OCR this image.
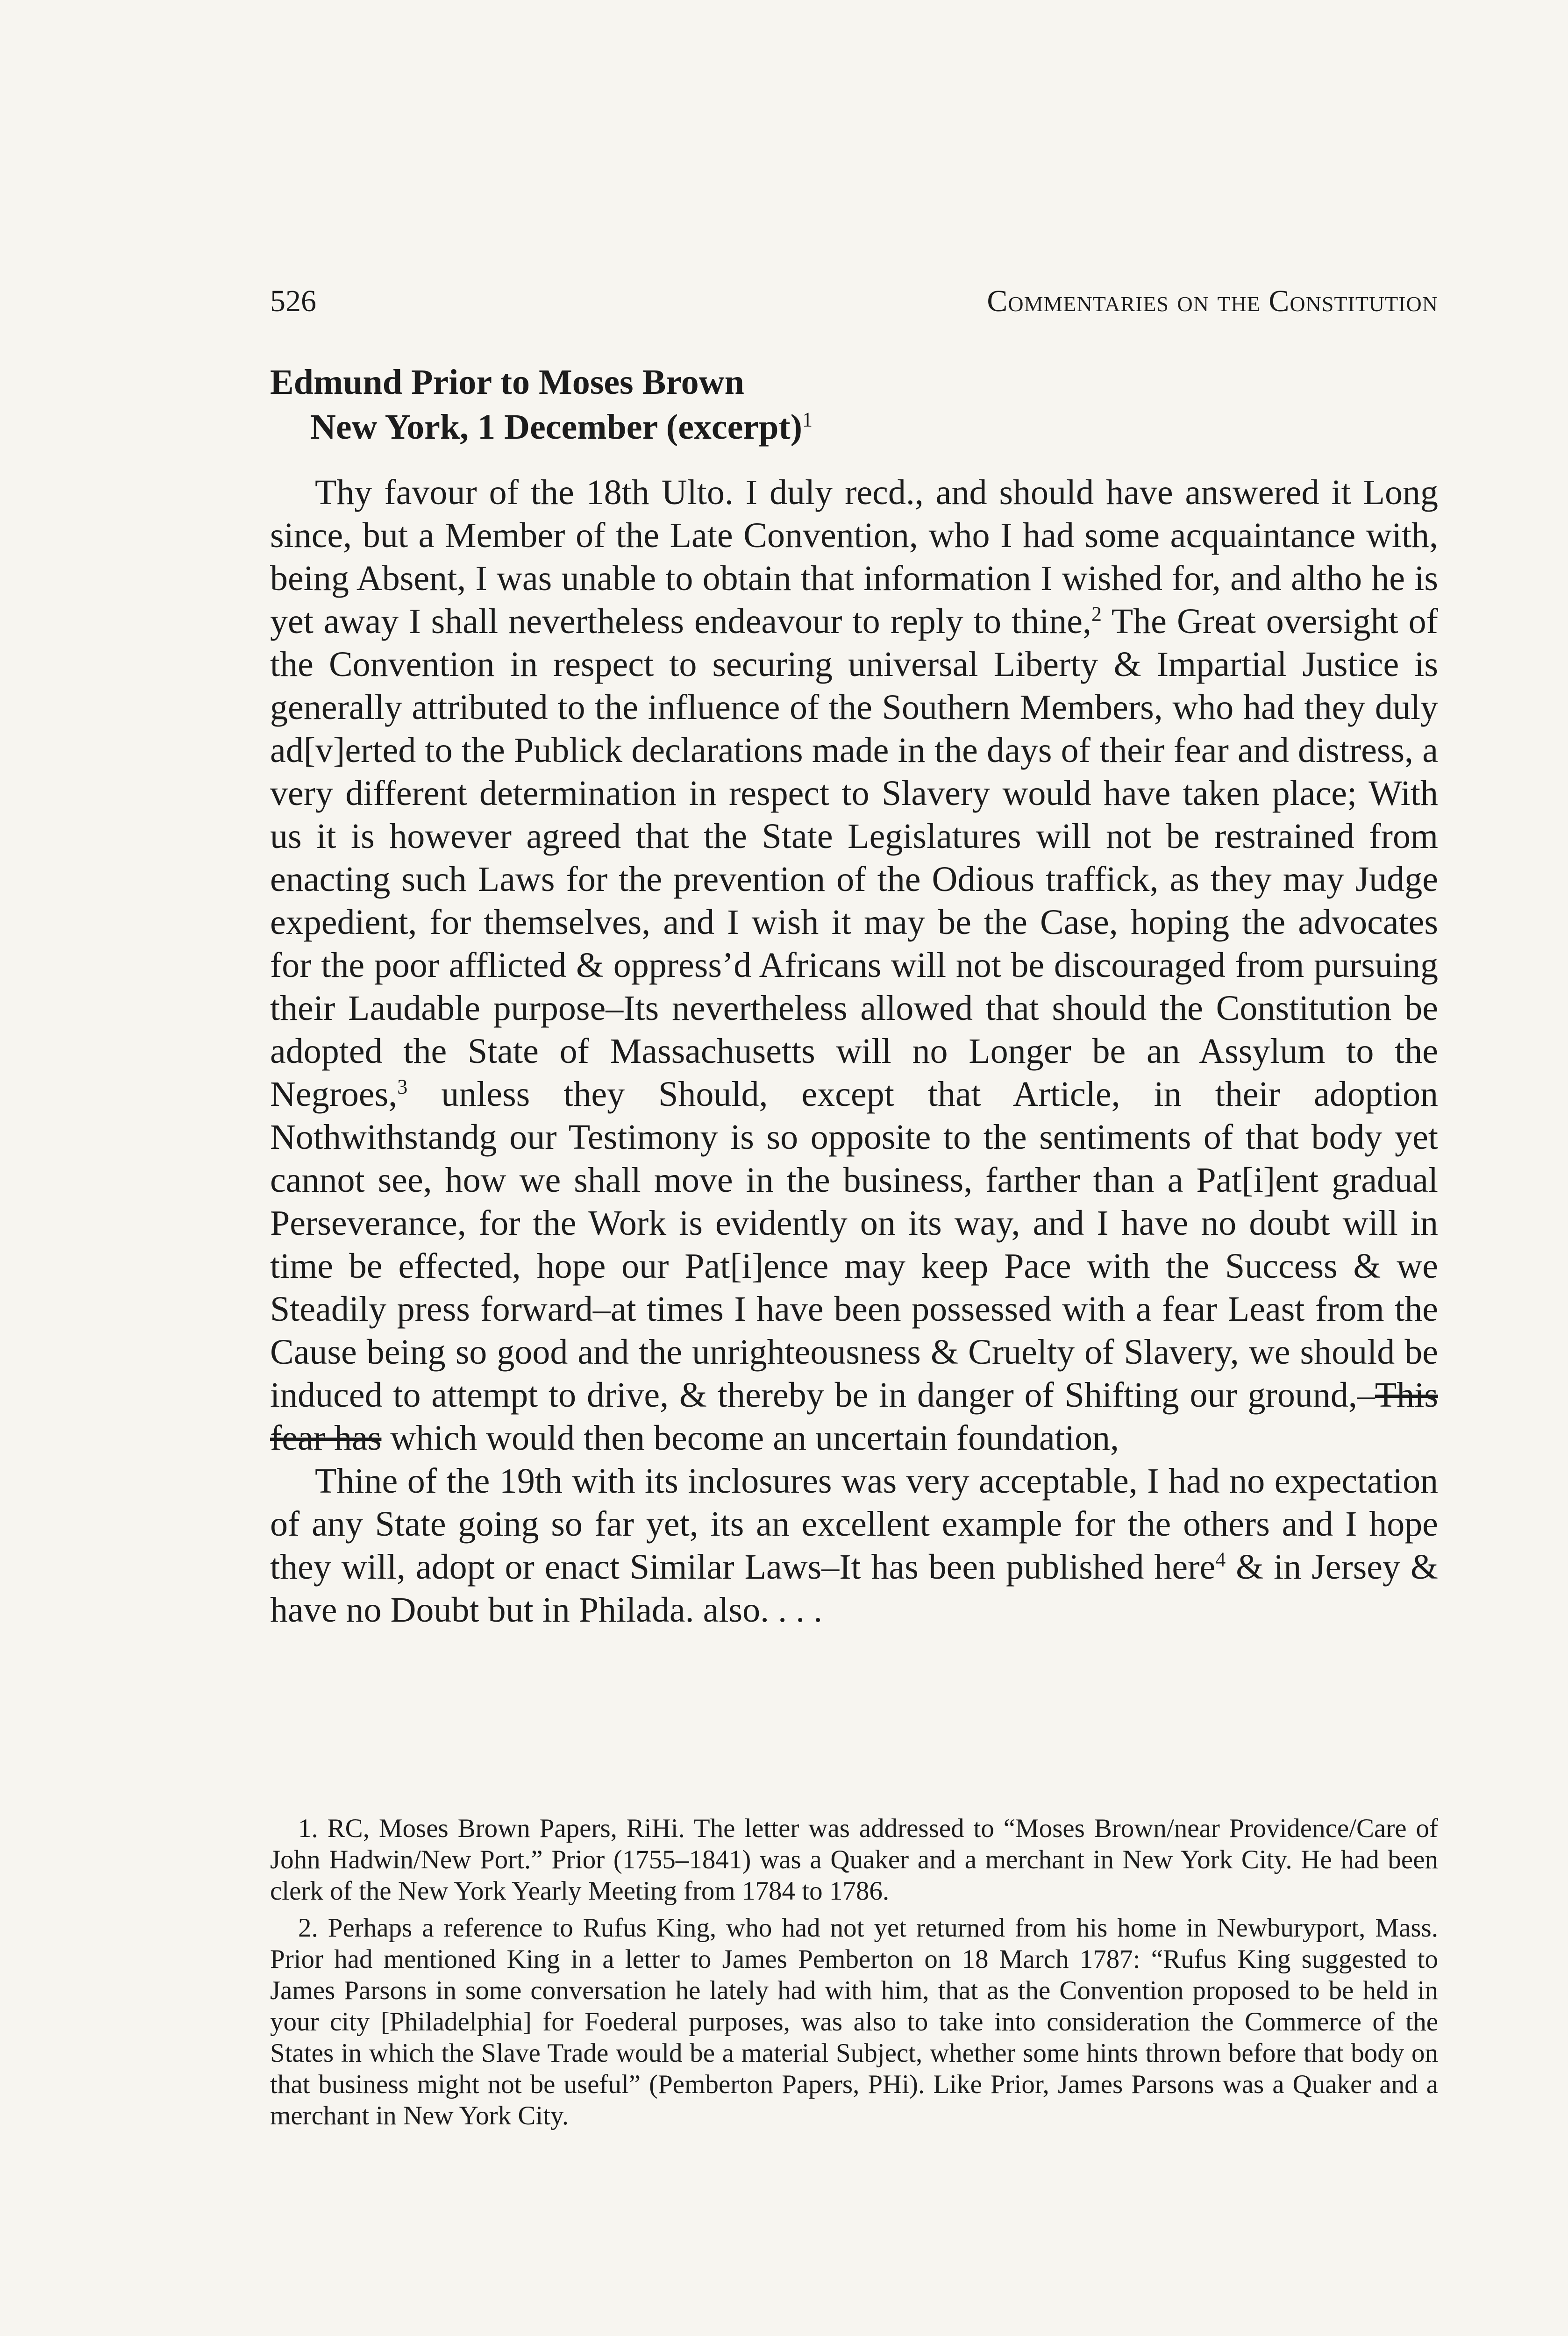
526	Commentaries on the Constitution
Edmund Prior to Moses Brown
New York, 1 December (excerpt)$^1$

Thy favour of the 18th Ulto. I duly recd., and should have answered it Long since, but a Member of the Late Convention, who I had some acquaintance with, being Absent, I was unable to obtain that information I wished for, and altho he is yet away I shall nevertheless endeavour to reply to thine,$^2$ The Great oversight of the Convention in respect to securing universal Liberty & Impartial Justice is generally attributed to the influence of the Southern Members, who had they duly ad[v]erted to the Publick declarations made in the days of their fear and distress, a very different determination in respect to Slavery would have taken place; With us it is however agreed that the State Legislatures will not be restrained from enacting such Laws for the prevention of the Odious traffick, as they may Judge expedient, for themselves, and I wish it may be the Case, hoping the advocates for the poor afflicted & oppress’d Africans will not be discouraged from pursuing their Laudable purpose–Its nevertheless allowed that should the Constitution be adopted the State of Massachusetts will no Longer be an Assylum to the Negroes,$^3$ unless they Should, except that Article, in their adoption Nothwithstandg our Testimony is so opposite to the sentiments of that body yet cannot see, how we shall move in the business, farther than a Pat[i]ent gradual Perseverance, for the Work is evidently on its way, and I have no doubt will in time be effected, hope our Pat[i]ence may keep Pace with the Success & we Steadily press forward–at times I have been possessed with a fear Least from the Cause being so good and the unrighteousness & Cruelty of Slavery, we should be induced to attempt to drive, & thereby be in danger of Shifting our ground,–This fear has which would then become an uncertain foundation,

Thine of the 19th with its inclosures was very acceptable, I had no expectation of any State going so far yet, its an excellent example for the others and I hope they will, adopt or enact Similar Laws–It has been published here$^4$ & in Jersey & have no Doubt but in Philada. also. . . .

1. RC, Moses Brown Papers, RiHi. The letter was addressed to “Moses Brown/near Providence/Care of John Hadwin/New Port.” Prior (1755–1841) was a Quaker and a merchant in New York City. He had been clerk of the New York Yearly Meeting from 1784 to 1786.

2. Perhaps a reference to Rufus King, who had not yet returned from his home in Newburyport, Mass. Prior had mentioned King in a letter to James Pemberton on 18 March 1787: “Rufus King suggested to James Parsons in some conversation he lately had with him, that as the Convention proposed to be held in your city [Philadelphia] for Foederal purposes, was also to take into consideration the Commerce of the States in which the Slave Trade would be a material Subject, whether some hints thrown before that body on that business might not be useful” (Pemberton Papers, PHi). Like Prior, James Parsons was a Quaker and a merchant in New York City.
